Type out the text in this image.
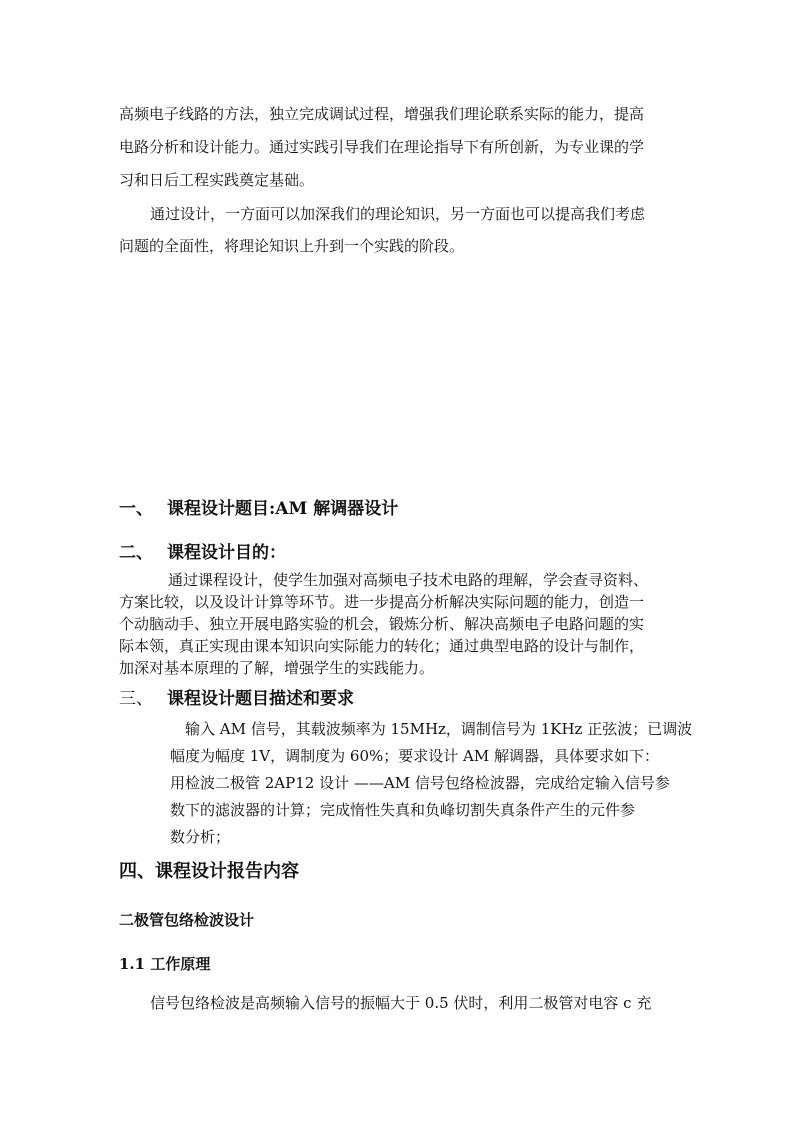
高频电子线路的方法，独立完成调试过程，增强我们理论联系实际的能力，提高
电路分析和设计能力。通过实践引导我们在理论指导下有所创新，为专业课的学
习和日后工程实践奠定基础。
通过设计，一方面可以加深我们的理论知识，另一方面也可以提高我们考虑
问题的全面性，将理论知识上升到一个实践的阶段。
一、 课程设计题目:AM 解调器设计
二、 课程设计目的：
通过课程设计，使学生加强对高频电子技术电路的理解，学会查寻资料、
方案比较，以及设计计算等环节。进一步提高分析解决实际问题的能力，创造一
个动脑动手、独立开展电路实验的机会，锻炼分析、解决高频电子电路问题的实
际本领，真正实现由课本知识向实际能力的转化；通过典型电路的设计与制作，
加深对基本原理的了解，增强学生的实践能力。
三、 课程设计题目描述和要求
输入 AM 信号，其载波频率为 15MHz，调制信号为 1KHz 正弦波；已调波
幅度为幅度 1V，调制度为 60%；要求设计 AM 解调器，具体要求如下：
用检波二极管 2AP12 设计 ——AM 信号包络检波器，完成给定输入信号参
数下的滤波器的计算；完成惰性失真和负峰切割失真条件产生的元件参
数分析；
四、课程设计报告内容
二极管包络检波设计
1.1 工作原理
信号包络检波是高频输入信号的振幅大于 0.5 伏时，利用二极管对电容 c 充
